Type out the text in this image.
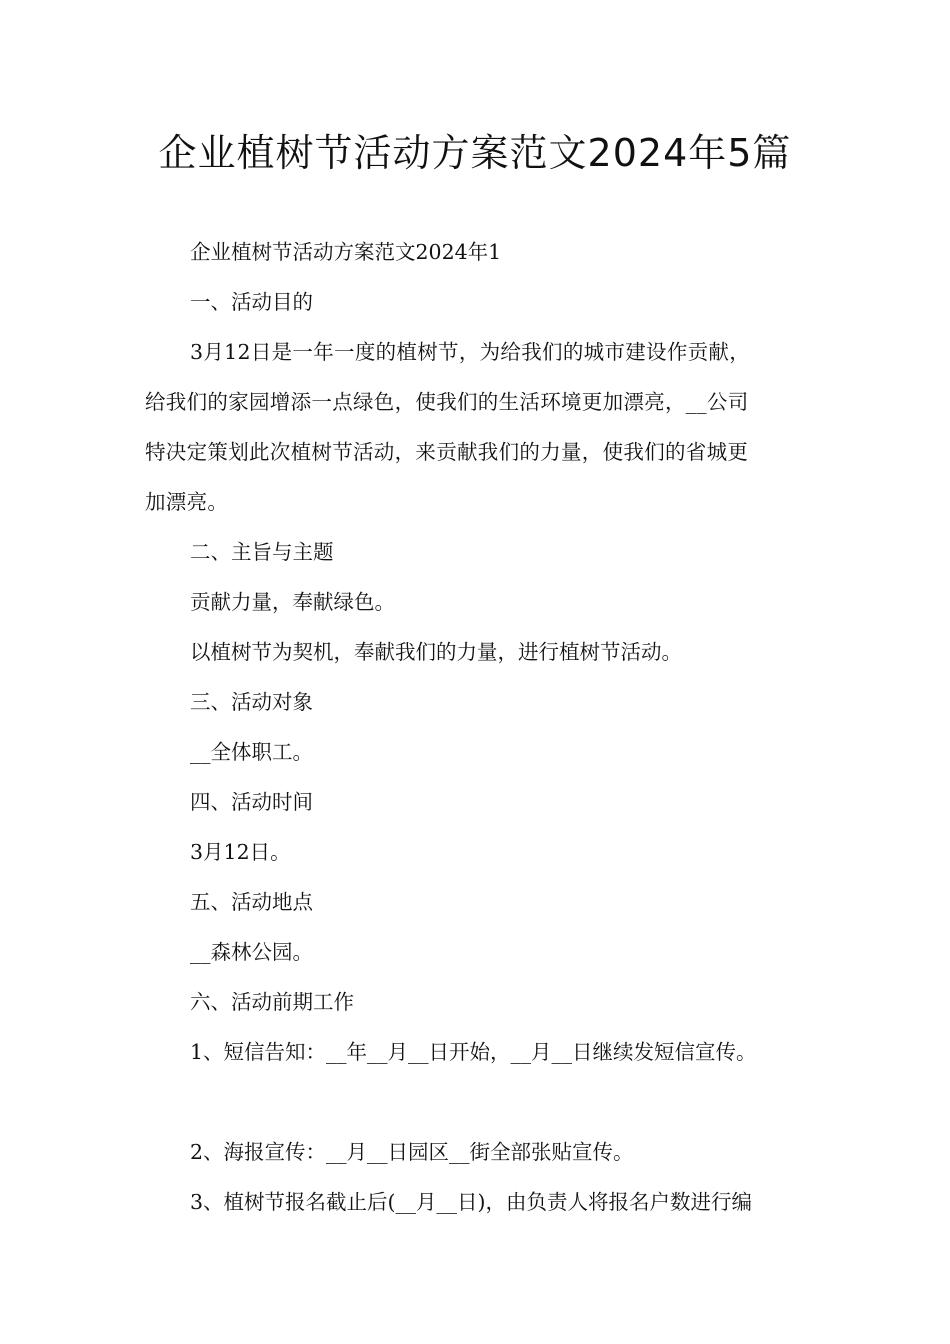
企业植树节活动方案范文2024年5篇

企业植树节活动方案范文2024年1

一、活动目的

3月12日是一年一度的植树节，为给我们的城市建设作贡献，

给我们的家园增添一点绿色，使我们的生活环境更加漂亮，__公司

特决定策划此次植树节活动，来贡献我们的力量，使我们的省城更

加漂亮。

二、主旨与主题

贡献力量，奉献绿色。

以植树节为契机，奉献我们的力量，进行植树节活动。

三、活动对象

__全体职工。

四、活动时间

3月12日。

五、活动地点

__森林公园。

六、活动前期工作

1、短信告知：__年__月__日开始，__月__日继续发短信宣传。

2、海报宣传：__月__日园区__街全部张贴宣传。

3、植树节报名截止后(__月__日)，由负责人将报名户数进行编
